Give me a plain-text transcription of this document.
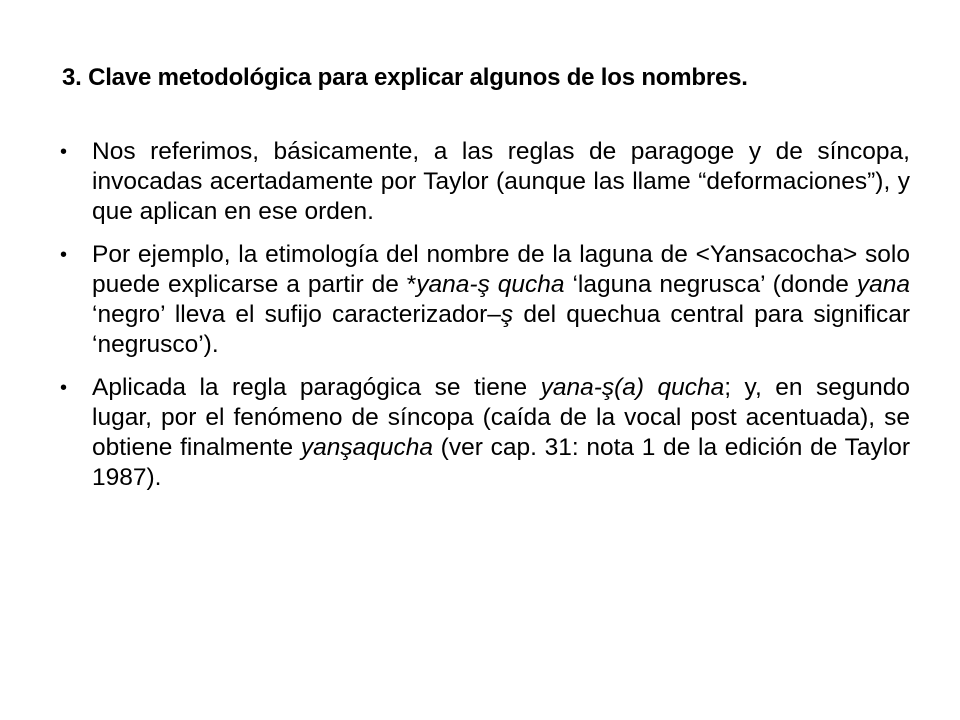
3. Clave metodológica para explicar algunos de los nombres.
• Nos referimos, básicamente, a las reglas de paragoge y de síncopa, invocadas acertadamente por Taylor (aunque las llame “deformaciones”), y que aplican en ese orden.
• Por ejemplo, la etimología del nombre de la laguna de <Yansacocha> solo puede explicarse a partir de *yana-ş qucha ‘laguna negrusca’ (donde yana ‘negro’ lleva el sufijo caracterizador–ş del quechua central para significar ‘negrusco’).
• Aplicada la regla paragógica se tiene yana-ş(a) qucha; y, en segundo lugar, por el fenómeno de síncopa (caída de la vocal post acentuada), se obtiene finalmente yanşaqucha (ver cap. 31: nota 1 de la edición de Taylor 1987).
